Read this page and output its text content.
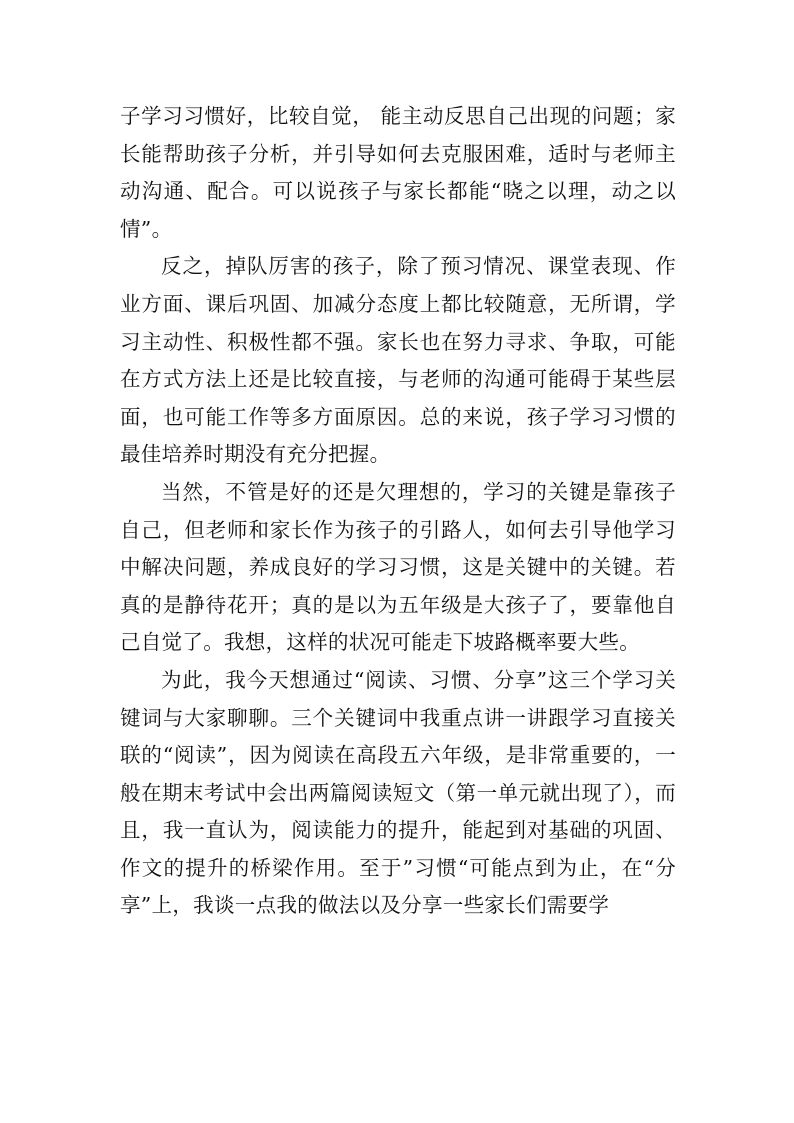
子学习习惯好，比较自觉， 能主动反思自己出现的问题；家长能帮助孩子分析，并引导如何去克服困难，适时与老师主动沟通、配合。可以说孩子与家长都能“晓之以理，动之以情”。

反之，掉队厉害的孩子，除了预习情况、课堂表现、作业方面、课后巩固、加减分态度上都比较随意，无所谓，学习主动性、积极性都不强。家长也在努力寻求、争取，可能在方式方法上还是比较直接，与老师的沟通可能碍于某些层面，也可能工作等多方面原因。总的来说，孩子学习习惯的最佳培养时期没有充分把握。

当然，不管是好的还是欠理想的，学习的关键是靠孩子自己，但老师和家长作为孩子的引路人，如何去引导他学习中解决问题，养成良好的学习习惯，这是关键中的关键。若真的是静待花开；真的是以为五年级是大孩子了，要靠他自己自觉了。我想，这样的状况可能走下坡路概率要大些。

为此，我今天想通过“阅读、习惯、分享”这三个学习关键词与大家聊聊。三个关键词中我重点讲一讲跟学习直接关联的“阅读”，因为阅读在高段五六年级，是非常重要的，一般在期末考试中会出两篇阅读短文（第一单元就出现了），而且，我一直认为，阅读能力的提升，能起到对基础的巩固、作文的提升的桥梁作用。至于”习惯“可能点到为止，在“分享”上，我谈一点我的做法以及分享一些家长们需要学
